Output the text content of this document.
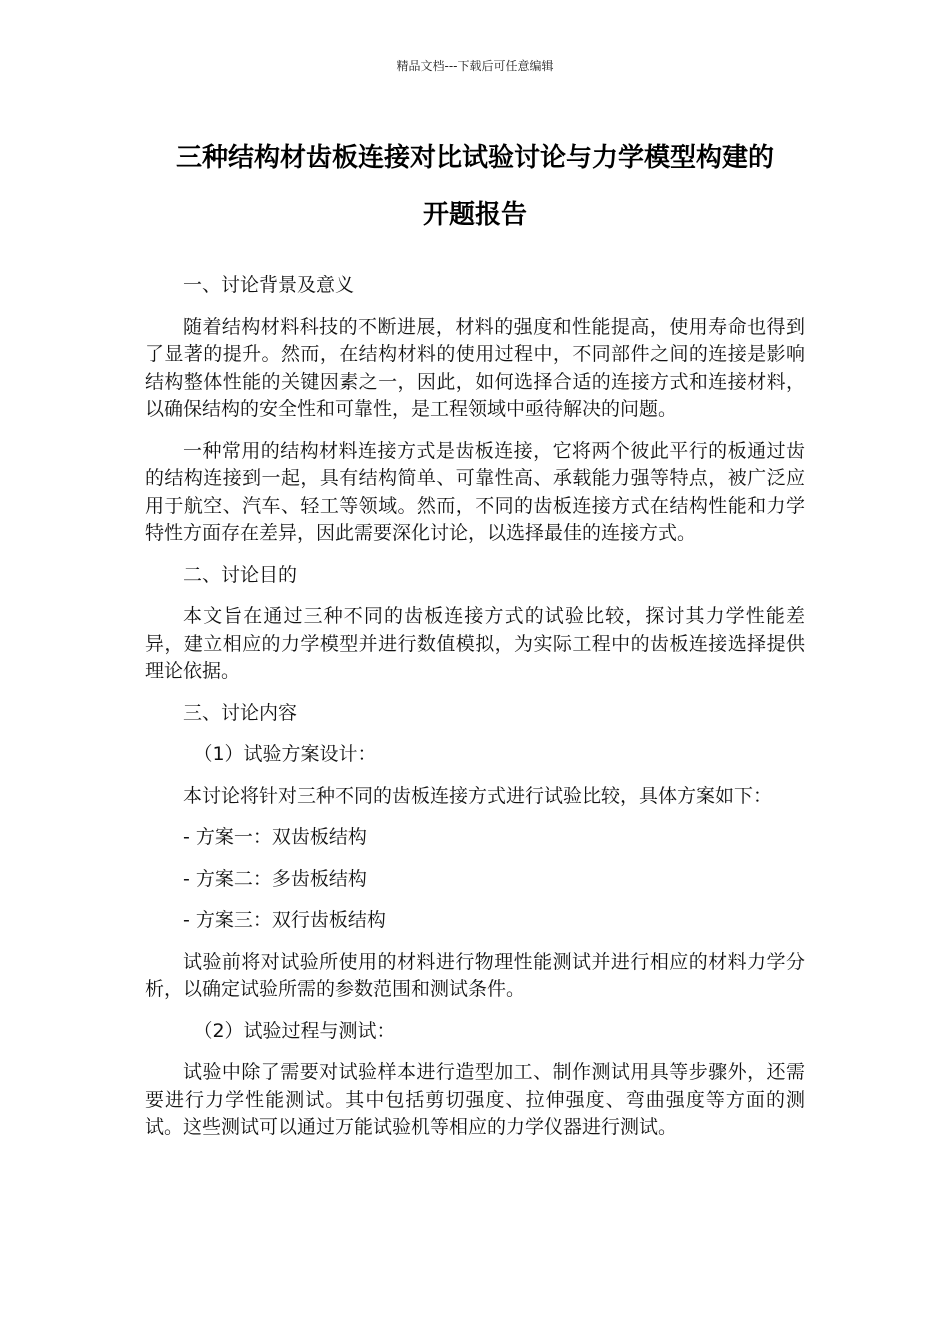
精品文档---下载后可任意编辑
三种结构材齿板连接对比试验讨论与力学模型构建的
开题报告

一、讨论背景及意义

随着结构材料科技的不断进展，材料的强度和性能提高，使用寿命也得到了显著的提升。然而，在结构材料的使用过程中，不同部件之间的连接是影响结构整体性能的关键因素之一，因此，如何选择合适的连接方式和连接材料，以确保结构的安全性和可靠性，是工程领域中亟待解决的问题。

一种常用的结构材料连接方式是齿板连接，它将两个彼此平行的板通过齿的结构连接到一起，具有结构简单、可靠性高、承载能力强等特点，被广泛应用于航空、汽车、轻工等领域。然而，不同的齿板连接方式在结构性能和力学特性方面存在差异，因此需要深化讨论，以选择最佳的连接方式。

二、讨论目的

本文旨在通过三种不同的齿板连接方式的试验比较，探讨其力学性能差异，建立相应的力学模型并进行数值模拟，为实际工程中的齿板连接选择提供理论依据。

三、讨论内容

（1）试验方案设计：

本讨论将针对三种不同的齿板连接方式进行试验比较，具体方案如下：

- 方案一：双齿板结构

- 方案二：多齿板结构

- 方案三：双行齿板结构

试验前将对试验所使用的材料进行物理性能测试并进行相应的材料力学分析，以确定试验所需的参数范围和测试条件。

（2）试验过程与测试：

试验中除了需要对试验样本进行造型加工、制作测试用具等步骤外，还需要进行力学性能测试。其中包括剪切强度、拉伸强度、弯曲强度等方面的测试。这些测试可以通过万能试验机等相应的力学仪器进行测试。
